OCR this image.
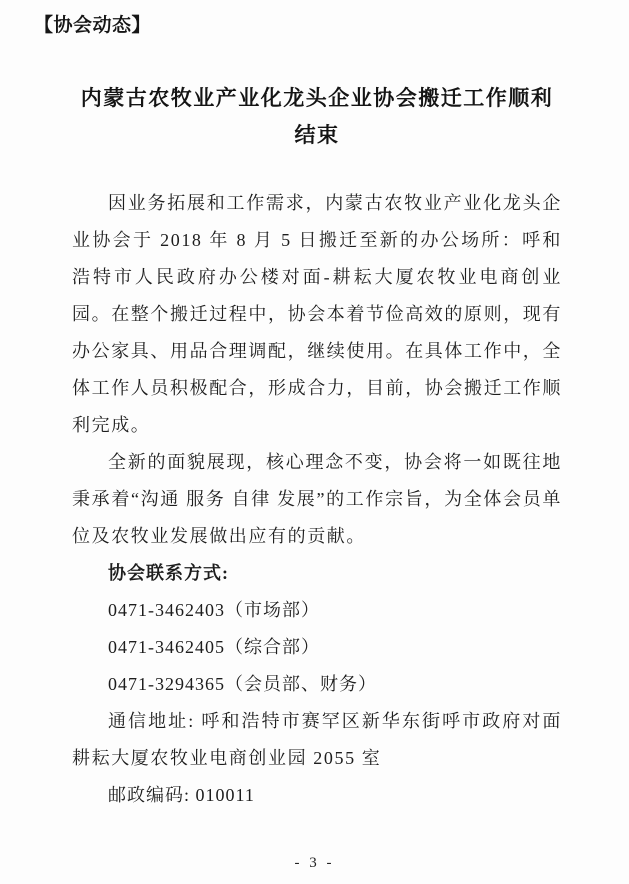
【协会动态】
内蒙古农牧业产业化龙头企业协会搬迁工作顺利
结束

因业务拓展和工作需求，内蒙古农牧业产业化龙头企业协会于 2018 年 8 月 5 日搬迁至新的办公场所：呼和浩特市人民政府办公楼对面-耕耘大厦农牧业电商创业园。在整个搬迁过程中，协会本着节俭高效的原则，现有办公家具、用品合理调配，继续使用。在具体工作中，全体工作人员积极配合，形成合力，目前，协会搬迁工作顺利完成。

全新的面貌展现，核心理念不变，协会将一如既往地秉承着“沟通 服务 自律 发展”的工作宗旨，为全体会员单位及农牧业发展做出应有的贡献。

协会联系方式:

0471-3462403（市场部）

0471-3462405（综合部）

0471-3294365（会员部、财务）

通信地址: 呼和浩特市赛罕区新华东街呼市政府对面耕耘大厦农牧业电商创业园 2055 室

邮政编码: 010011

- 3 -
